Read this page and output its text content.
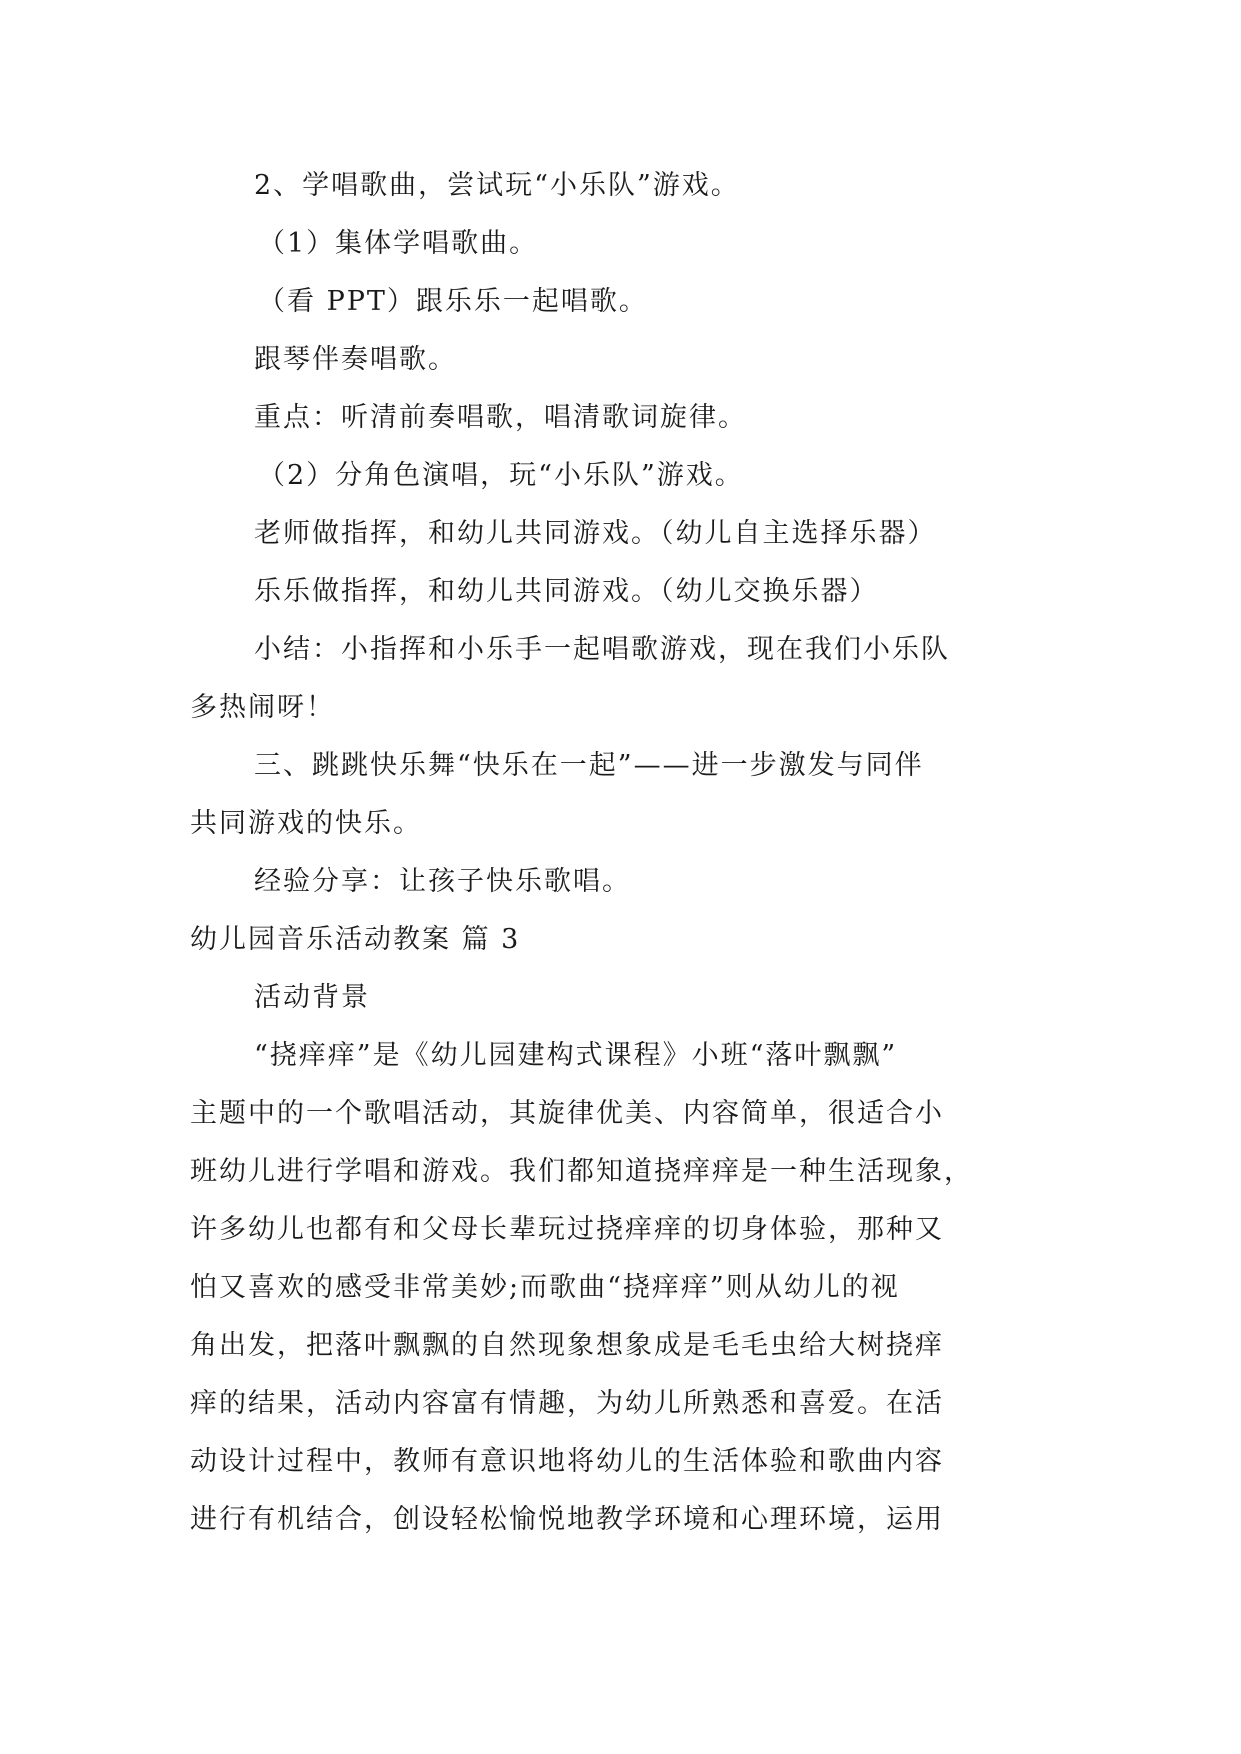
2、学唱歌曲，尝试玩“小乐队”游戏。
（1）集体学唱歌曲。
（看 PPT）跟乐乐一起唱歌。
跟琴伴奏唱歌。
重点：听清前奏唱歌，唱清歌词旋律。
（2）分角色演唱，玩“小乐队”游戏。
老师做指挥，和幼儿共同游戏。（幼儿自主选择乐器）
乐乐做指挥，和幼儿共同游戏。（幼儿交换乐器）
小结：小指挥和小乐手一起唱歌游戏，现在我们小乐队
多热闹呀！
三、跳跳快乐舞“快乐在一起”——进一步激发与同伴
共同游戏的快乐。
经验分享：让孩子快乐歌唱。
幼儿园音乐活动教案 篇 3
活动背景
“挠痒痒”是《幼儿园建构式课程》小班“落叶飘飘”
主题中的一个歌唱活动，其旋律优美、内容简单，很适合小
班幼儿进行学唱和游戏。我们都知道挠痒痒是一种生活现象，
许多幼儿也都有和父母长辈玩过挠痒痒的切身体验，那种又
怕又喜欢的感受非常美妙;而歌曲“挠痒痒”则从幼儿的视
角出发，把落叶飘飘的自然现象想象成是毛毛虫给大树挠痒
痒的结果，活动内容富有情趣，为幼儿所熟悉和喜爱。在活
动设计过程中，教师有意识地将幼儿的生活体验和歌曲内容
进行有机结合，创设轻松愉悦地教学环境和心理环境，运用
